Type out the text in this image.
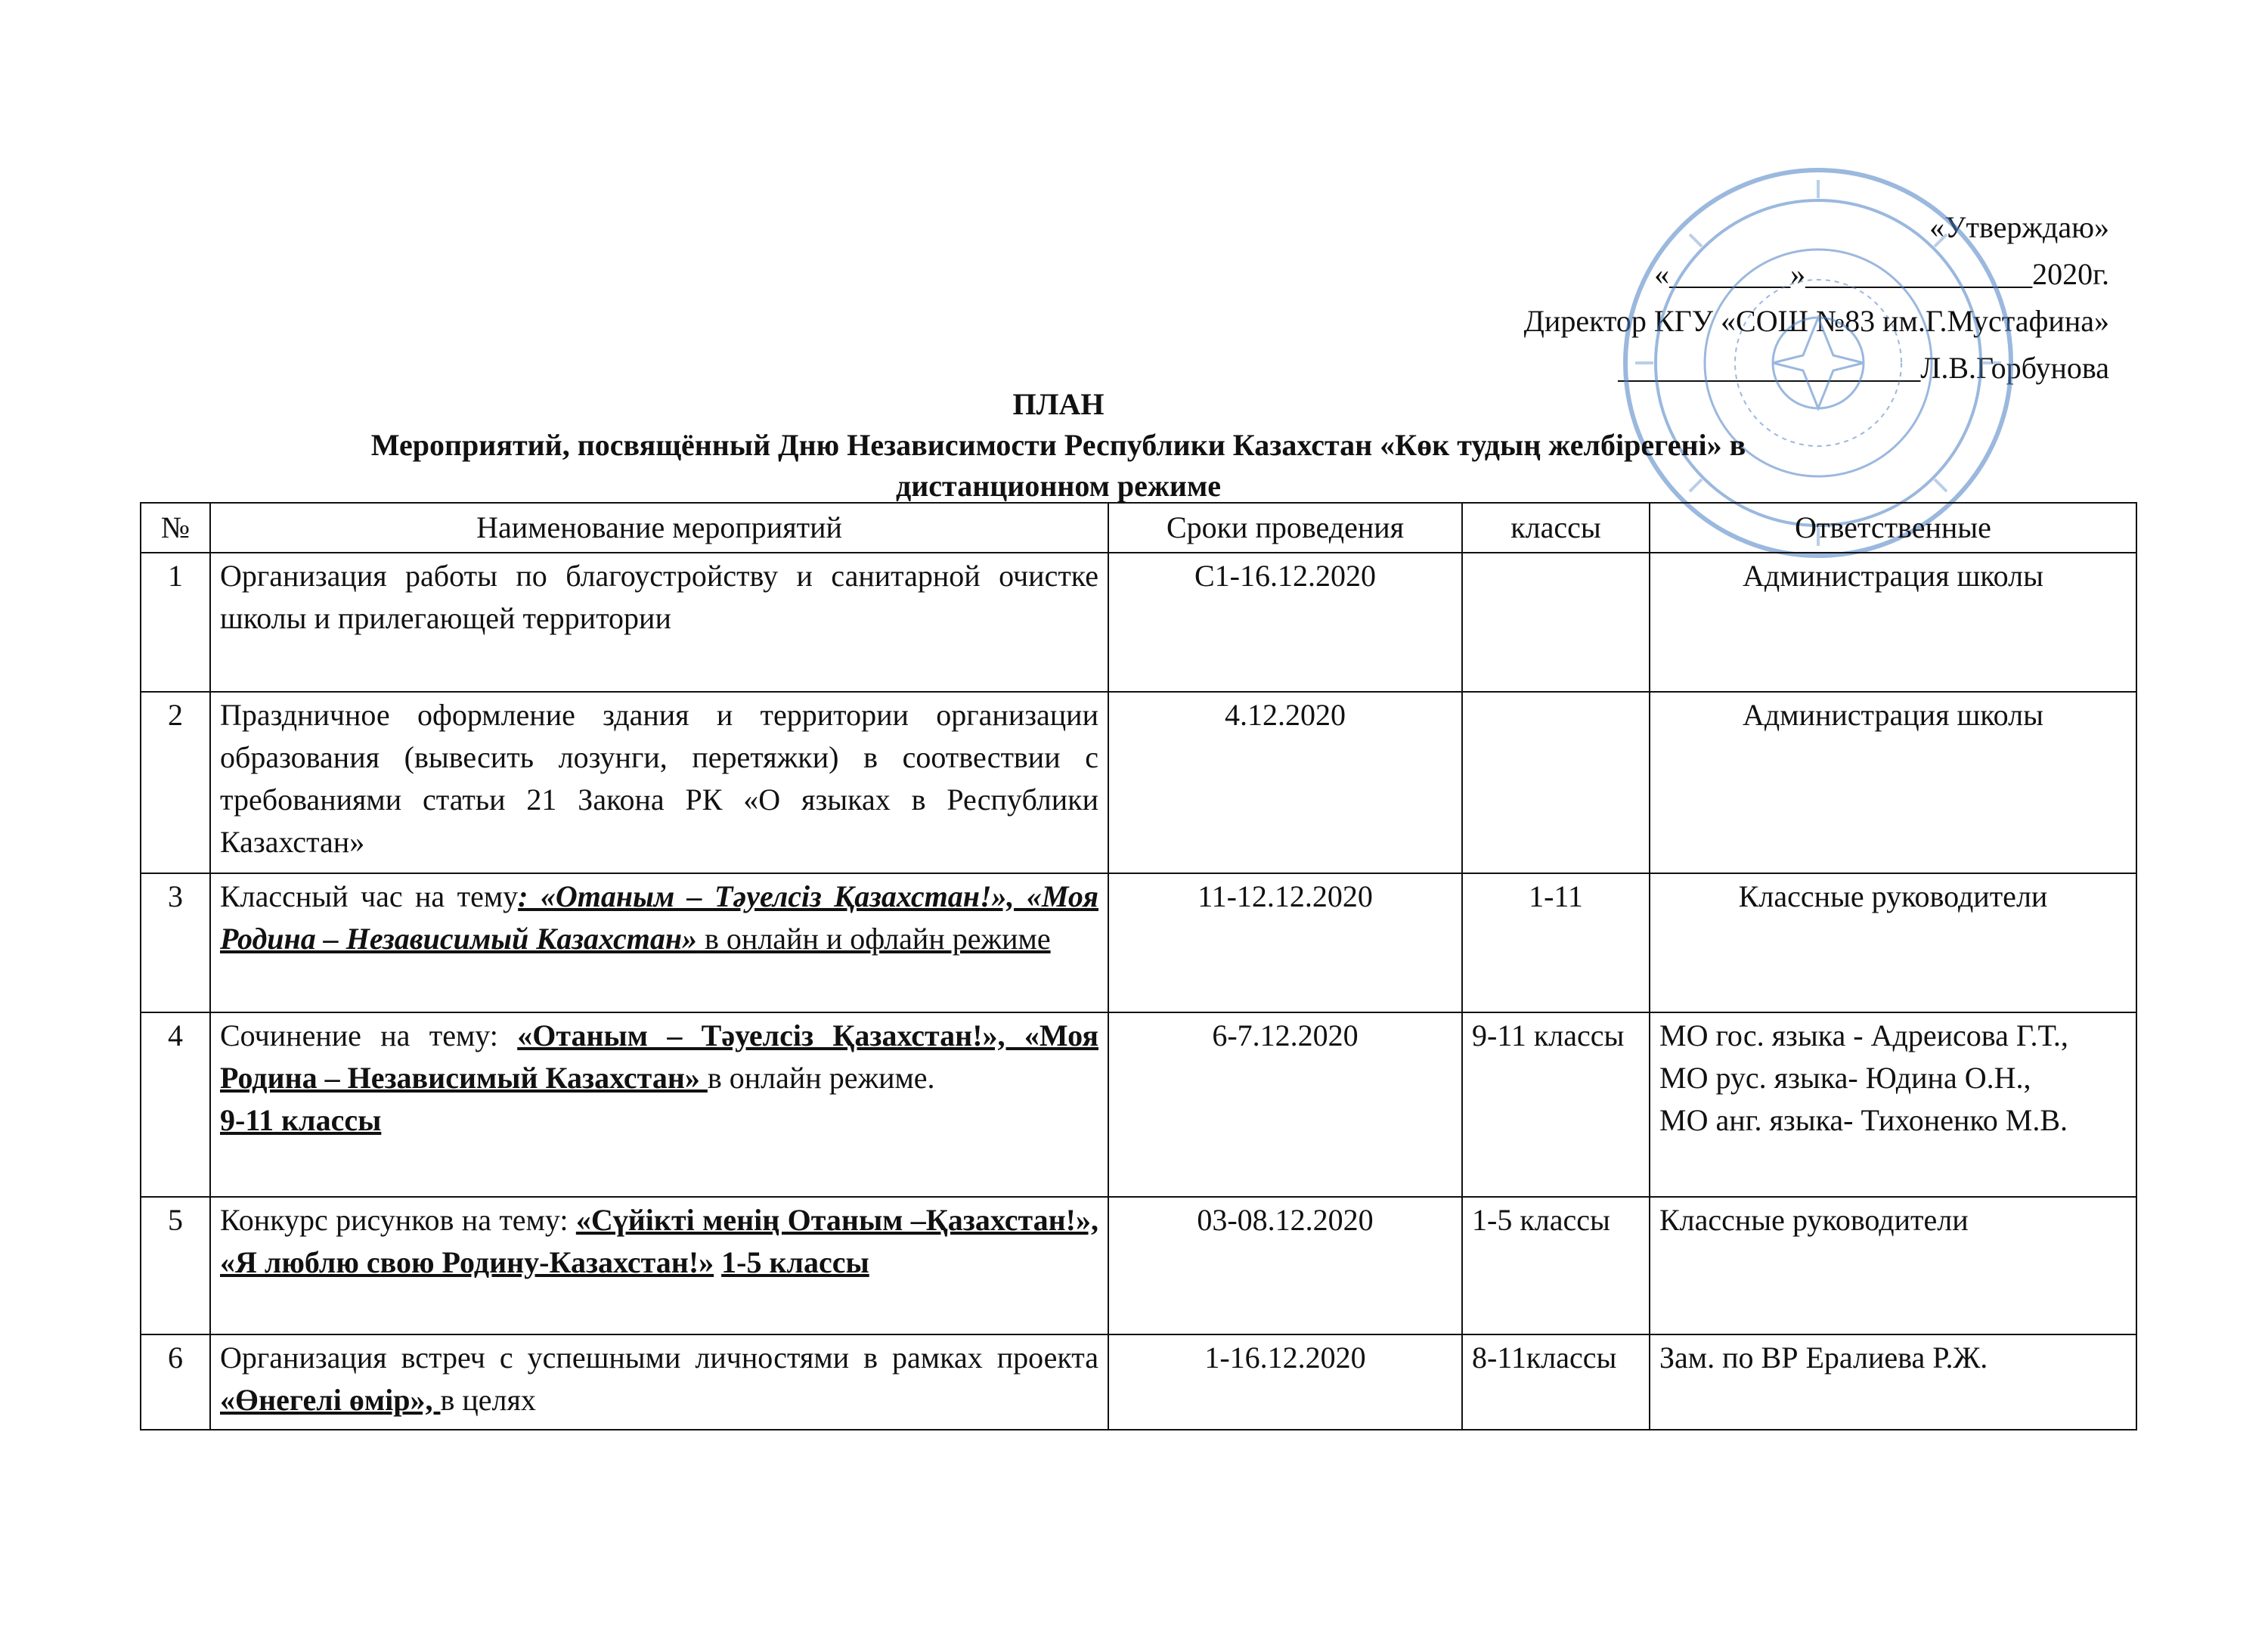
«Утверждаю»
«________»_______________2020г.
Директор КГУ «СОШ №83 им.Г.Мустафина»
____________________Л.В.Горбунова
ПЛАН
Мероприятий, посвящённый Дню Независимости Республики Казахстан «Көк тудың желбірегені» в
дистанционном режиме
№	Наименование мероприятий	Сроки проведения	классы	Ответственные
1	Организация работы по благоустройству и санитарной очистке школы и прилегающей территории	С1-16.12.2020		Администрация школы
2	Праздничное оформление здания и территории организации образования (вывесить лозунги, перетяжки) в соотвествии с требованиями статьи 21 Закона РК «О языках в Республики Казахстан»	4.12.2020		Администрация школы
3	Классный час на тему: «Отаным – Тәуелсіз Қазахстан!», «Моя Родина – Независимый Казахстан» в онлайн и офлайн режиме	11-12.12.2020	1-11	Классные руководители
4	Сочинение на тему: «Отаным – Тәуелсіз Қазахстан!», «Моя Родина – Независимый Казахстан» в онлайн режиме.
9-11 классы	6-7.12.2020	9-11 классы	МО гос. языка - Адреисова Г.Т.,
МО рус. языка- Юдина О.Н.,
МО анг. языка- Тихоненко М.В.

5	Конкурс рисунков на тему: «Сүйікті менің Отаным –Қазахстан!», «Я люблю свою Родину-Казахстан!» 1-5 классы	03-08.12.2020	1-5 классы	Классные руководители
6	Организация встреч с успешными личностями в рамках проекта «Өнегелі өмір», в целях	1-16.12.2020	8-11классы	Зам. по ВР Ералиева Р.Ж.
